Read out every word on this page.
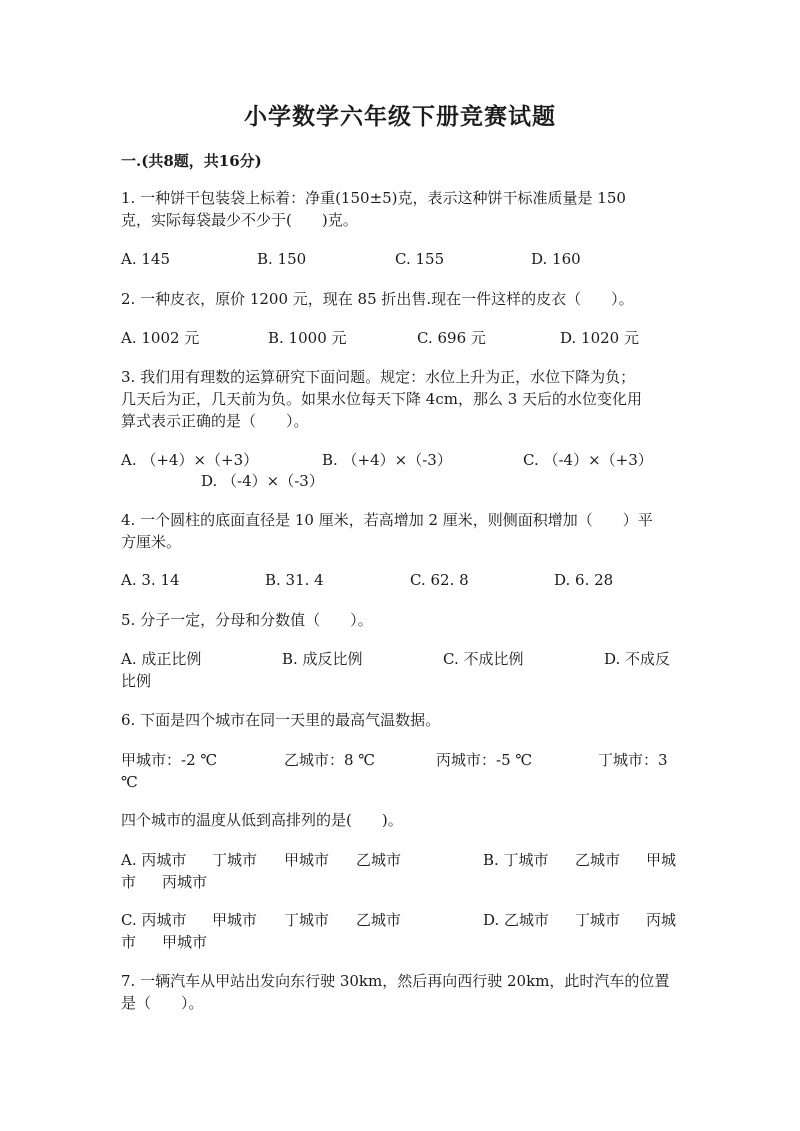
小学数学六年级下册竞赛试题
一.(共8题，共16分)
1. 一种饼干包装袋上标着：净重(150±5)克，表示这种饼干标准质量是 150
克，实际每袋最少不少于(　　)克。
A. 145	B. 150	C. 155	D. 160
2. 一种皮衣，原价 1200 元，现在 85 折出售.现在一件这样的皮衣（　　）。
A. 1002 元	B. 1000 元	C. 696 元	D. 1020 元
3. 我们用有理数的运算研究下面问题。规定：水位上升为正，水位下降为负；
几天后为正，几天前为负。如果水位每天下降 4cm，那么 3 天后的水位变化用
算式表示正确的是（　　）。
A. （+4）×（+3）	B. （+4）×（-3）	C. （-4）×（+3）
D. （-4）×（-3）
4. 一个圆柱的底面直径是 10 厘米，若高增加 2 厘米，则侧面积增加（　　）平
方厘米。
A. 3. 14	B. 31. 4	C. 62. 8	D. 6. 28
5. 分子一定，分母和分数值（　　）。
A. 成正比例	B. 成反比例	C. 不成比例	D. 不成反
比例
6. 下面是四个城市在同一天里的最高气温数据。
甲城市：-2 ℃	乙城市：8 ℃	丙城市：-5 ℃	丁城市：3
℃
四个城市的温度从低到高排列的是(　　)。
A. 丙城市 丁城市 甲城市 乙城市	B. 丁城市 乙城市 甲城
市 丙城市
C. 丙城市 甲城市 丁城市 乙城市	D. 乙城市 丁城市 丙城
市 甲城市
7. 一辆汽车从甲站出发向东行驶 30km，然后再向西行驶 20km，此时汽车的位置
是（　　）。
